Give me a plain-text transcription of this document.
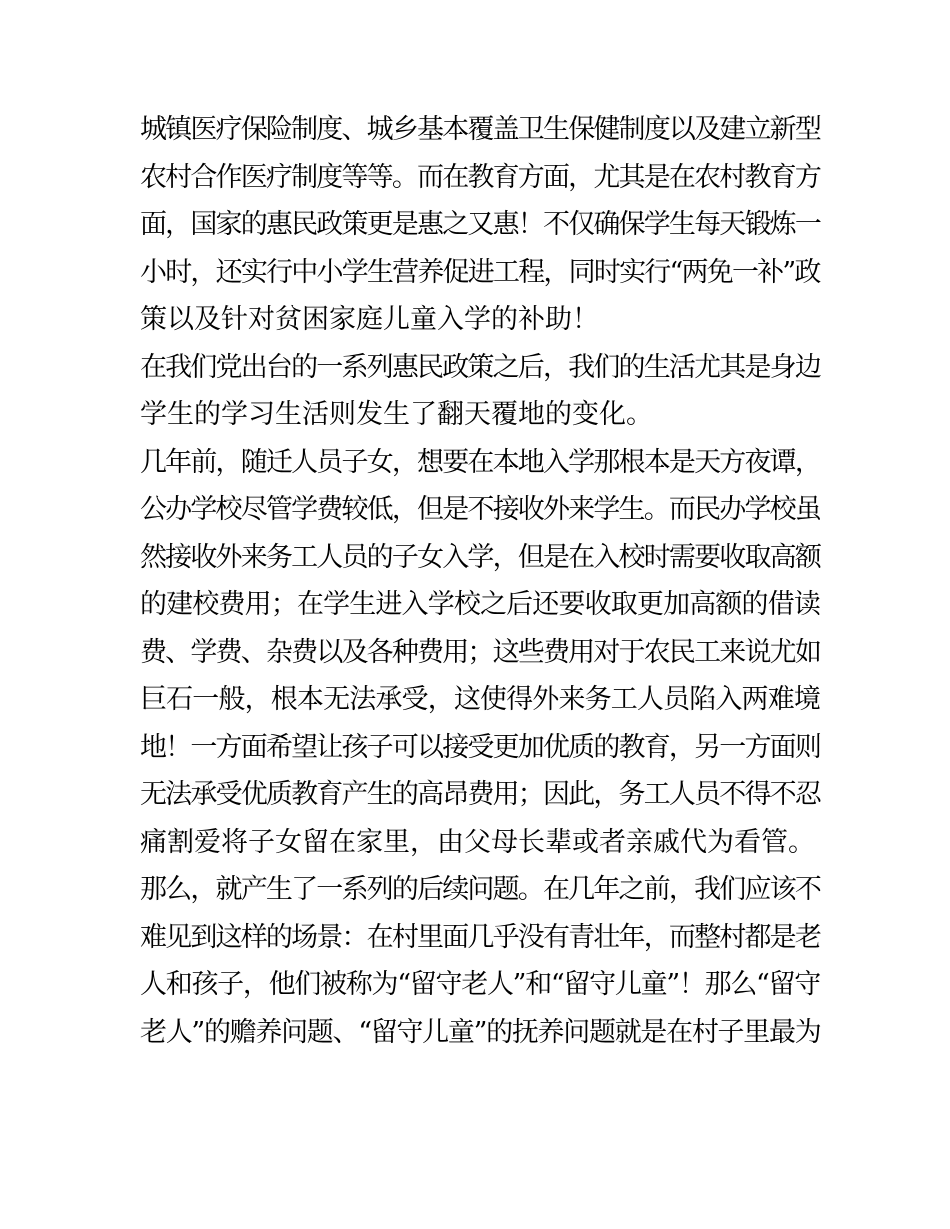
城镇医疗保险制度、城乡基本覆盖卫生保健制度以及建立新型
农村合作医疗制度等等。而在教育方面，尤其是在农村教育方
面，国家的惠民政策更是惠之又惠！不仅确保学生每天锻炼一
小时，还实行中小学生营养促进工程，同时实行“两免一补”政
策以及针对贫困家庭儿童入学的补助！
在我们党出台的一系列惠民政策之后，我们的生活尤其是身边
学生的学习生活则发生了翻天覆地的变化。
几年前，随迁人员子女，想要在本地入学那根本是天方夜谭，
公办学校尽管学费较低，但是不接收外来学生。而民办学校虽
然接收外来务工人员的子女入学，但是在入校时需要收取高额
的建校费用；在学生进入学校之后还要收取更加高额的借读
费、学费、杂费以及各种费用；这些费用对于农民工来说尤如
巨石一般，根本无法承受，这使得外来务工人员陷入两难境
地！一方面希望让孩子可以接受更加优质的教育，另一方面则
无法承受优质教育产生的高昂费用；因此，务工人员不得不忍
痛割爱将子女留在家里，由父母长辈或者亲戚代为看管。
那么，就产生了一系列的后续问题。在几年之前，我们应该不
难见到这样的场景：在村里面几乎没有青壮年，而整村都是老
人和孩子，他们被称为“留守老人”和“留守儿童”！那么“留守
老人”的赡养问题、“留守儿童”的抚养问题就是在村子里最为
